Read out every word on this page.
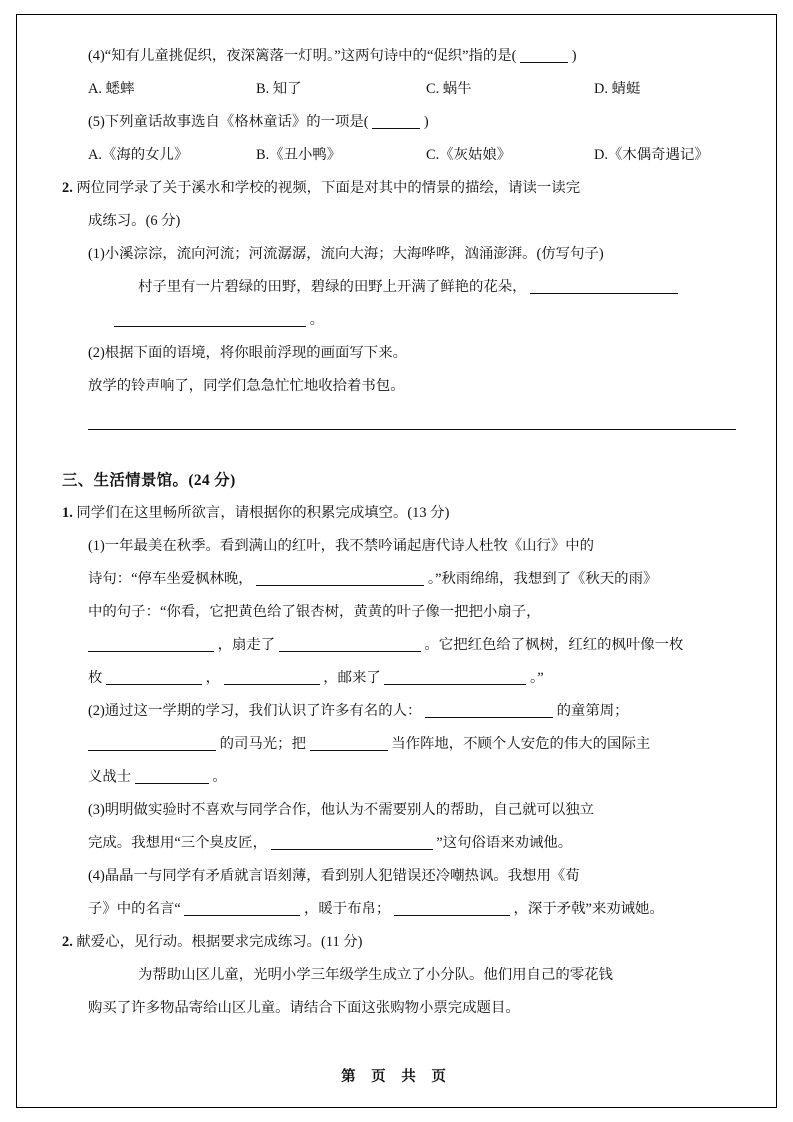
(4)“知有儿童挑促织，夜深篱落一灯明。”这两句诗中的“促织”指的是(	)
A. 蟋蟀	B. 知了	C. 蜗牛	D. 蜻蜓
(5)下列童话故事选自《格林童话》的一项是(	)
A.《海的女儿》	B.《丑小鸭》	C.《灰姑娘》	D.《木偶奇遇记》
2. 两位同学录了关于溪水和学校的视频，下面是对其中的情景的描绘，请读一读完
成练习。(6 分)
(1)小溪淙淙，流向河流；河流潺潺，流向大海；大海哗哗，汹涌澎湃。(仿写句子)
村子里有一片碧绿的田野，碧绿的田野上开满了鲜艳的花朵，
。
(2)根据下面的语境，将你眼前浮现的画面写下来。
放学的铃声响了，同学们急急忙忙地收拾着书包。
三、生活情景馆。(24 分)
1. 同学们在这里畅所欲言，请根据你的积累完成填空。(13 分)
(1)一年最美在秋季。看到满山的红叶，我不禁吟诵起唐代诗人杜牧《山行》中的
诗句：“停车坐爱枫林晚，	。”秋雨绵绵，我想到了《秋天的雨》
中的句子：“你看，它把黄色给了银杏树，黄黄的叶子像一把把小扇子，
，扇走了	。它把红色给了枫树，红红的枫叶像一枚
枚	，	，邮来了	。”
(2)通过这一学期的学习，我们认识了许多有名的人：	的童第周；
的司马光；把	当作阵地，不顾个人安危的伟大的国际主
义战士	。
(3)明明做实验时不喜欢与同学合作，他认为不需要别人的帮助，自己就可以独立
完成。我想用“三个臭皮匠，	”这句俗语来劝诫他。
(4)晶晶一与同学有矛盾就言语刻薄，看到别人犯错误还冷嘲热讽。我想用《荀
子》中的名言“	，暖于布帛；	，深于矛戟”来劝诫她。
2. 献爱心，见行动。根据要求完成练习。(11 分)
为帮助山区儿童，光明小学三年级学生成立了小分队。他们用自己的零花钱
购买了许多物品寄给山区儿童。请结合下面这张购物小票完成题目。
第 页 共 页
